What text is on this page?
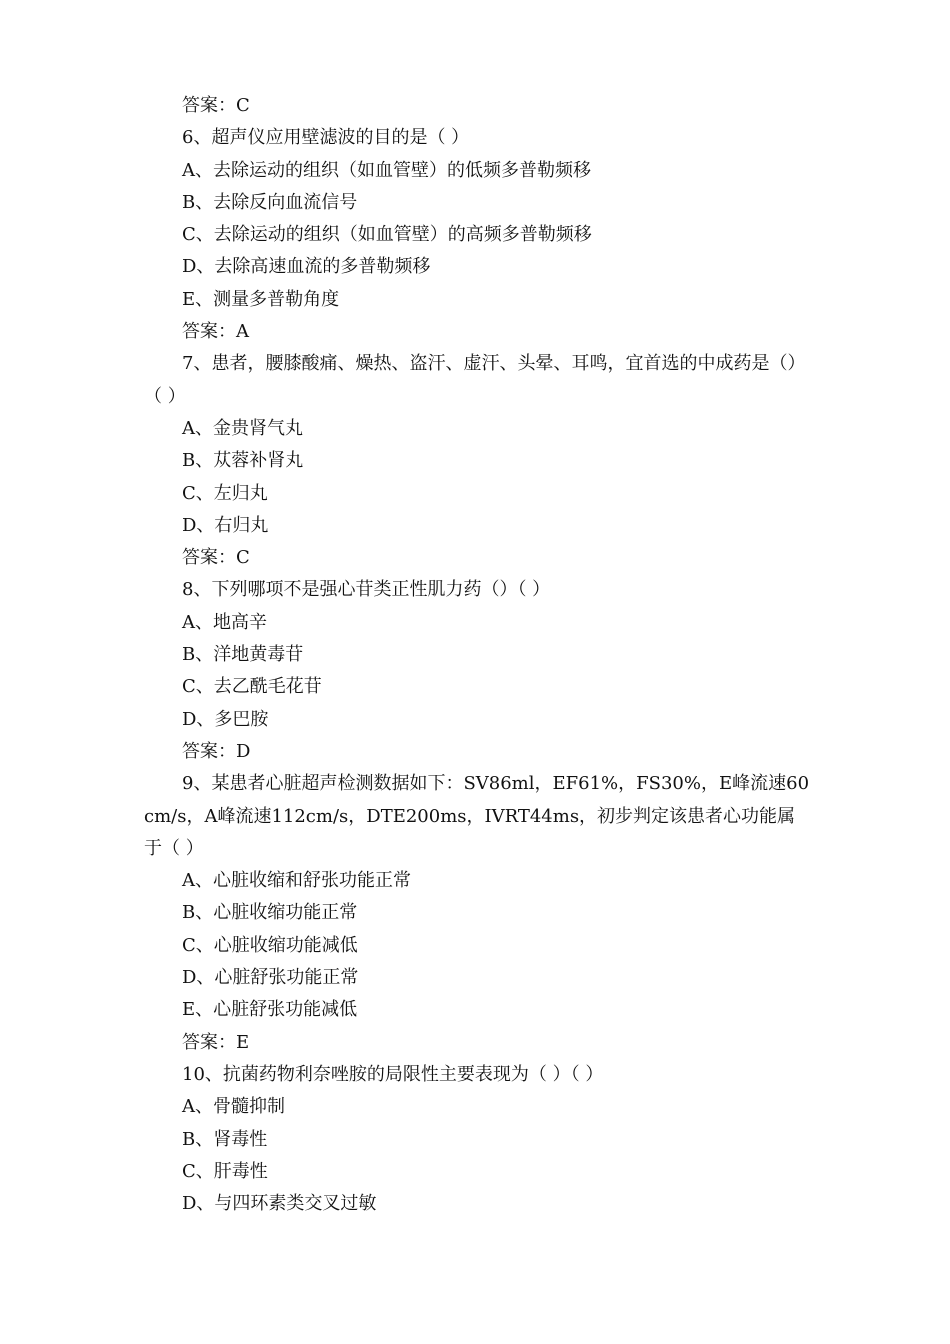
答案：C
6、超声仪应用壁滤波的目的是（ ）
A、去除运动的组织（如血管壁）的低频多普勒频移
B、去除反向血流信号
C、去除运动的组织（如血管壁）的高频多普勒频移
D、去除高速血流的多普勒频移
E、测量多普勒角度
答案：A
7、患者，腰膝酸痛、燥热、盗汗、虚汗、头晕、耳鸣，宜首选的中成药是（）（ ）
A、金贵肾气丸
B、苁蓉补肾丸
C、左归丸
D、右归丸
答案：C
8、下列哪项不是强心苷类正性肌力药（）（ ）
A、地高辛
B、洋地黄毒苷
C、去乙酰毛花苷
D、多巴胺
答案：D
9、某患者心脏超声检测数据如下：SV86ml，EF61%，FS30%，E峰流速60cm/s，A峰流速112cm/s，DTE200ms，IVRT44ms，初步判定该患者心功能属于（ ）
A、心脏收缩和舒张功能正常
B、心脏收缩功能正常
C、心脏收缩功能减低
D、心脏舒张功能正常
E、心脏舒张功能减低
答案：E
10、抗菌药物利奈唑胺的局限性主要表现为（ ）（ ）
A、骨髓抑制
B、肾毒性
C、肝毒性
D、与四环素类交叉过敏
